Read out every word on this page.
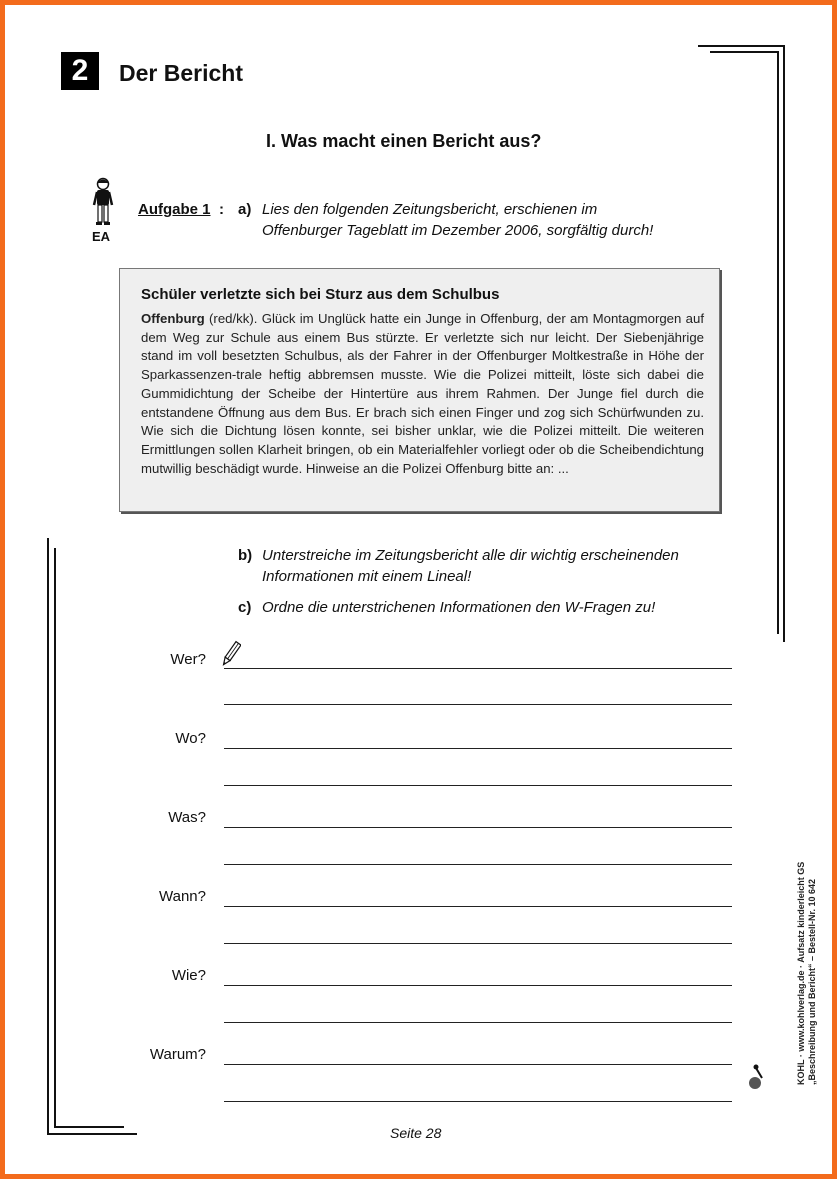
2	Der Bericht
I. Was macht einen Bericht aus?
EA
Aufgabe 1 : a) Lies den folgenden Zeitungsbericht, erschienen im
Offenburger Tageblatt im Dezember 2006, sorgfältig durch!
Schüler verletzte sich bei Sturz aus dem Schulbus
Offenburg (red/kk). Glück im Unglück hatte ein Junge in Offenburg, der am Montagmorgen auf dem Weg zur Schule aus einem Bus stürzte. Er verletzte sich nur leicht. Der Siebenjährige stand im voll besetzten Schulbus, als der Fahrer in der Offenburger Moltkestraße in Höhe der Sparkassenzen-trale heftig abbremsen musste. Wie die Polizei mitteilt, löste sich dabei die Gummidichtung der Scheibe der Hintertüre aus ihrem Rahmen. Der Junge fiel durch die entstandene Öffnung aus dem Bus. Er brach sich einen Finger und zog sich Schürfwunden zu. Wie sich die Dichtung lösen konnte, sei bisher unklar, wie die Polizei mitteilt. Die weiteren Ermittlungen sollen Klarheit bringen, ob ein Materialfehler vorliegt oder ob die Scheibendichtung mutwillig beschädigt wurde. Hinweise an die Polizei Offenburg bitte an: ...
b) Unterstreiche im Zeitungsbericht alle dir wichtig erscheinenden
Informationen mit einem Lineal!
c) Ordne die unterstrichenen Informationen den W-Fragen zu!
Wer?
Wo?
Was?
Wann?
Wie?
Warum?
Seite 28
KOHL · www.kohlverlag.de · Aufsatz kinderleicht GS „Beschreibung und Bericht“ – Bestell-Nr. 10 642
